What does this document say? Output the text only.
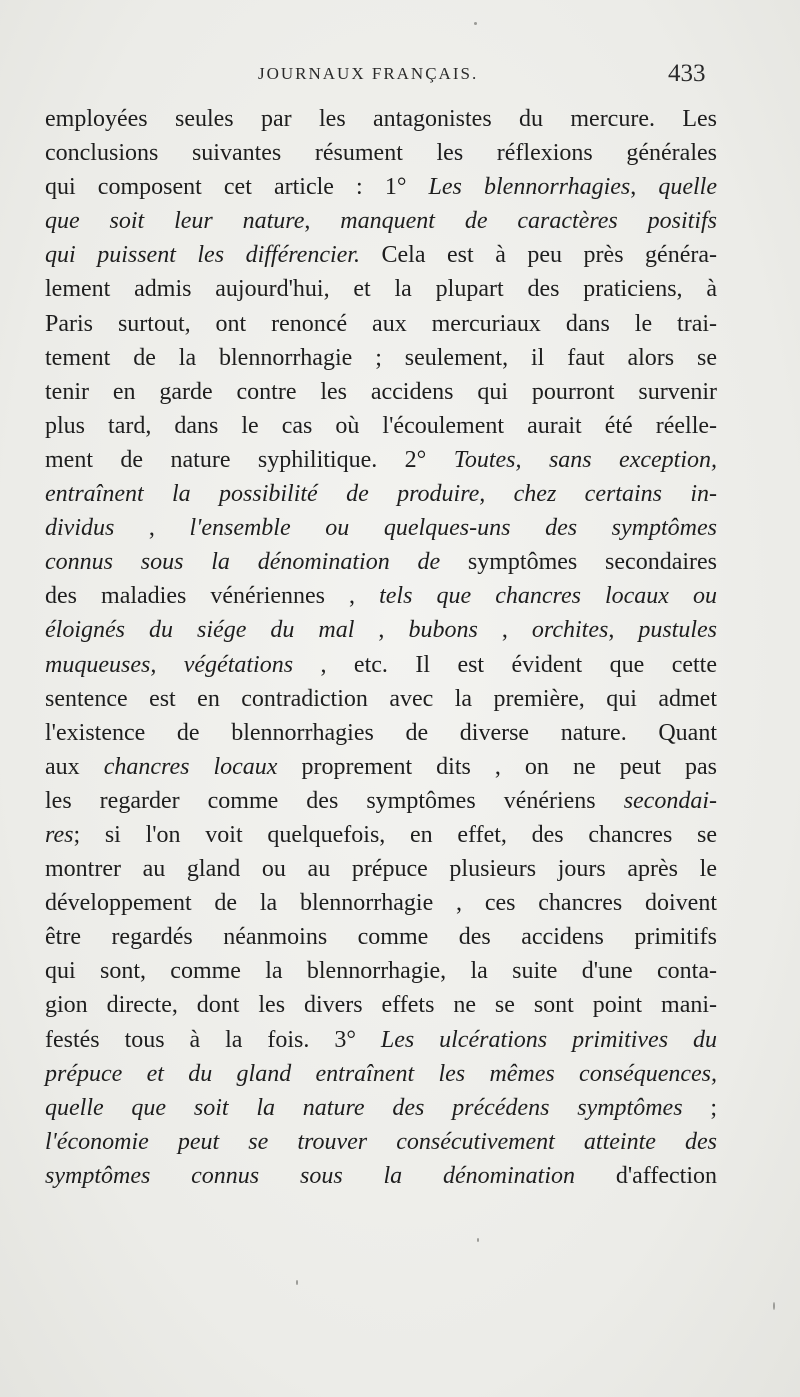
JOURNAUX FRANÇAIS.	433
employées seules par les antagonistes du mercure. Les
conclusions suivantes résument les réflexions générales
qui composent cet article : 1° Les blennorrhagies, quelle
que soit leur nature, manquent de caractères positifs
qui puissent les différencier. Cela est à peu près généra-
lement admis aujourd'hui, et la plupart des praticiens, à
Paris surtout, ont renoncé aux mercuriaux dans le trai-
tement de la blennorrhagie ; seulement, il faut alors se
tenir en garde contre les accidens qui pourront survenir
plus tard, dans le cas où l'écoulement aurait été réelle-
ment de nature syphilitique. 2° Toutes, sans exception,
entraînent la possibilité de produire, chez certains in-
dividus , l'ensemble ou quelques-uns des symptômes
connus sous la dénomination de symptômes secondaires
des maladies vénériennes , tels que chancres locaux ou
éloignés du siége du mal , bubons , orchites, pustules
muqueuses, végétations , etc. Il est évident que cette
sentence est en contradiction avec la première, qui admet
l'existence de blennorrhagies de diverse nature. Quant
aux chancres locaux proprement dits , on ne peut pas
les regarder comme des symptômes vénériens secondai-
res; si l'on voit quelquefois, en effet, des chancres se
montrer au gland ou au prépuce plusieurs jours après le
développement de la blennorrhagie , ces chancres doivent
être regardés néanmoins comme des accidens primitifs
qui sont, comme la blennorrhagie, la suite d'une conta-
gion directe, dont les divers effets ne se sont point mani-
festés tous à la fois. 3° Les ulcérations primitives du
prépuce et du gland entraînent les mêmes conséquences,
quelle que soit la nature des précédens symptômes ;
l'économie peut se trouver consécutivement atteinte des
symptômes connus sous la dénomination d'affection
